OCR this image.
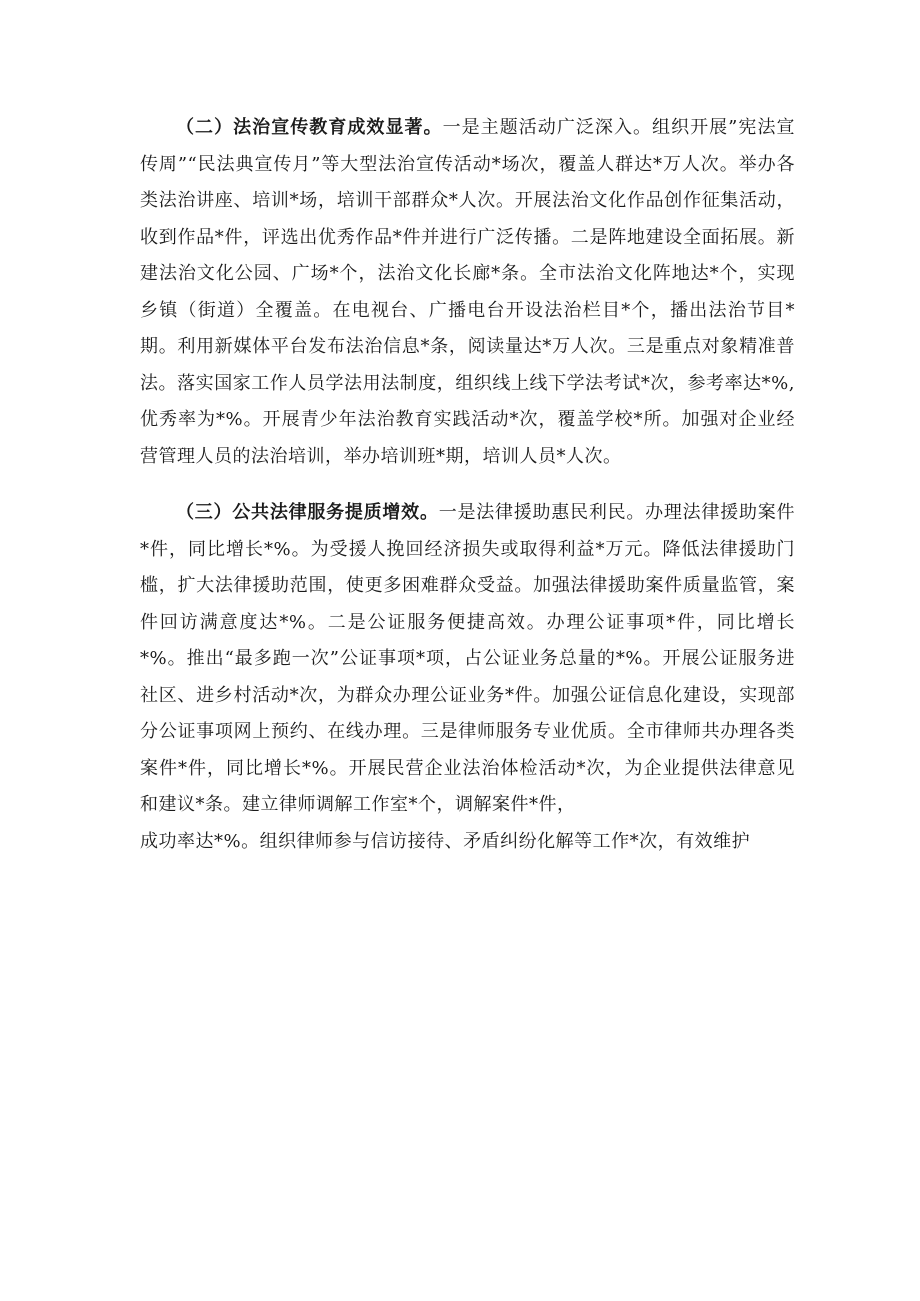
（二）法治宣传教育成效显著。一是主题活动广泛深入。组织开展”宪法宣传周”“民法典宣传月”等大型法治宣传活动*场次，覆盖人群达*万人次。举办各类法治讲座、培训*场，培训干部群众*人次。开展法治文化作品创作征集活动，收到作品*件，评选出优秀作品*件并进行广泛传播。二是阵地建设全面拓展。新建法治文化公园、广场*个，法治文化长廊*条。全市法治文化阵地达*个，实现乡镇（街道）全覆盖。在电视台、广播电台开设法治栏目*个，播出法治节目*期。利用新媒体平台发布法治信息*条，阅读量达*万人次。三是重点对象精准普法。落实国家工作人员学法用法制度，组织线上线下学法考试*次，参考率达*%,优秀率为*%。开展青少年法治教育实践活动*次，覆盖学校*所。加强对企业经营管理人员的法治培训，举办培训班*期，培训人员*人次。

（三）公共法律服务提质增效。一是法律援助惠民利民。办理法律援助案件*件，同比增长*%。为受援人挽回经济损失或取得利益*万元。降低法律援助门槛，扩大法律援助范围，使更多困难群众受益。加强法律援助案件质量监管，案件回访满意度达*%。二是公证服务便捷高效。办理公证事项*件，同比增长*%。推出“最多跑一次”公证事项*项，占公证业务总量的*%。开展公证服务进社区、进乡村活动*次，为群众办理公证业务*件。加强公证信息化建设，实现部分公证事项网上预约、在线办理。三是律师服务专业优质。全市律师共办理各类案件*件，同比增长*%。开展民营企业法治体检活动*次，为企业提供法律意见和建议*条。建立律师调解工作室*个，调解案件*件，

成功率达*%。组织律师参与信访接待、矛盾纠纷化解等工作*次，有效维护
